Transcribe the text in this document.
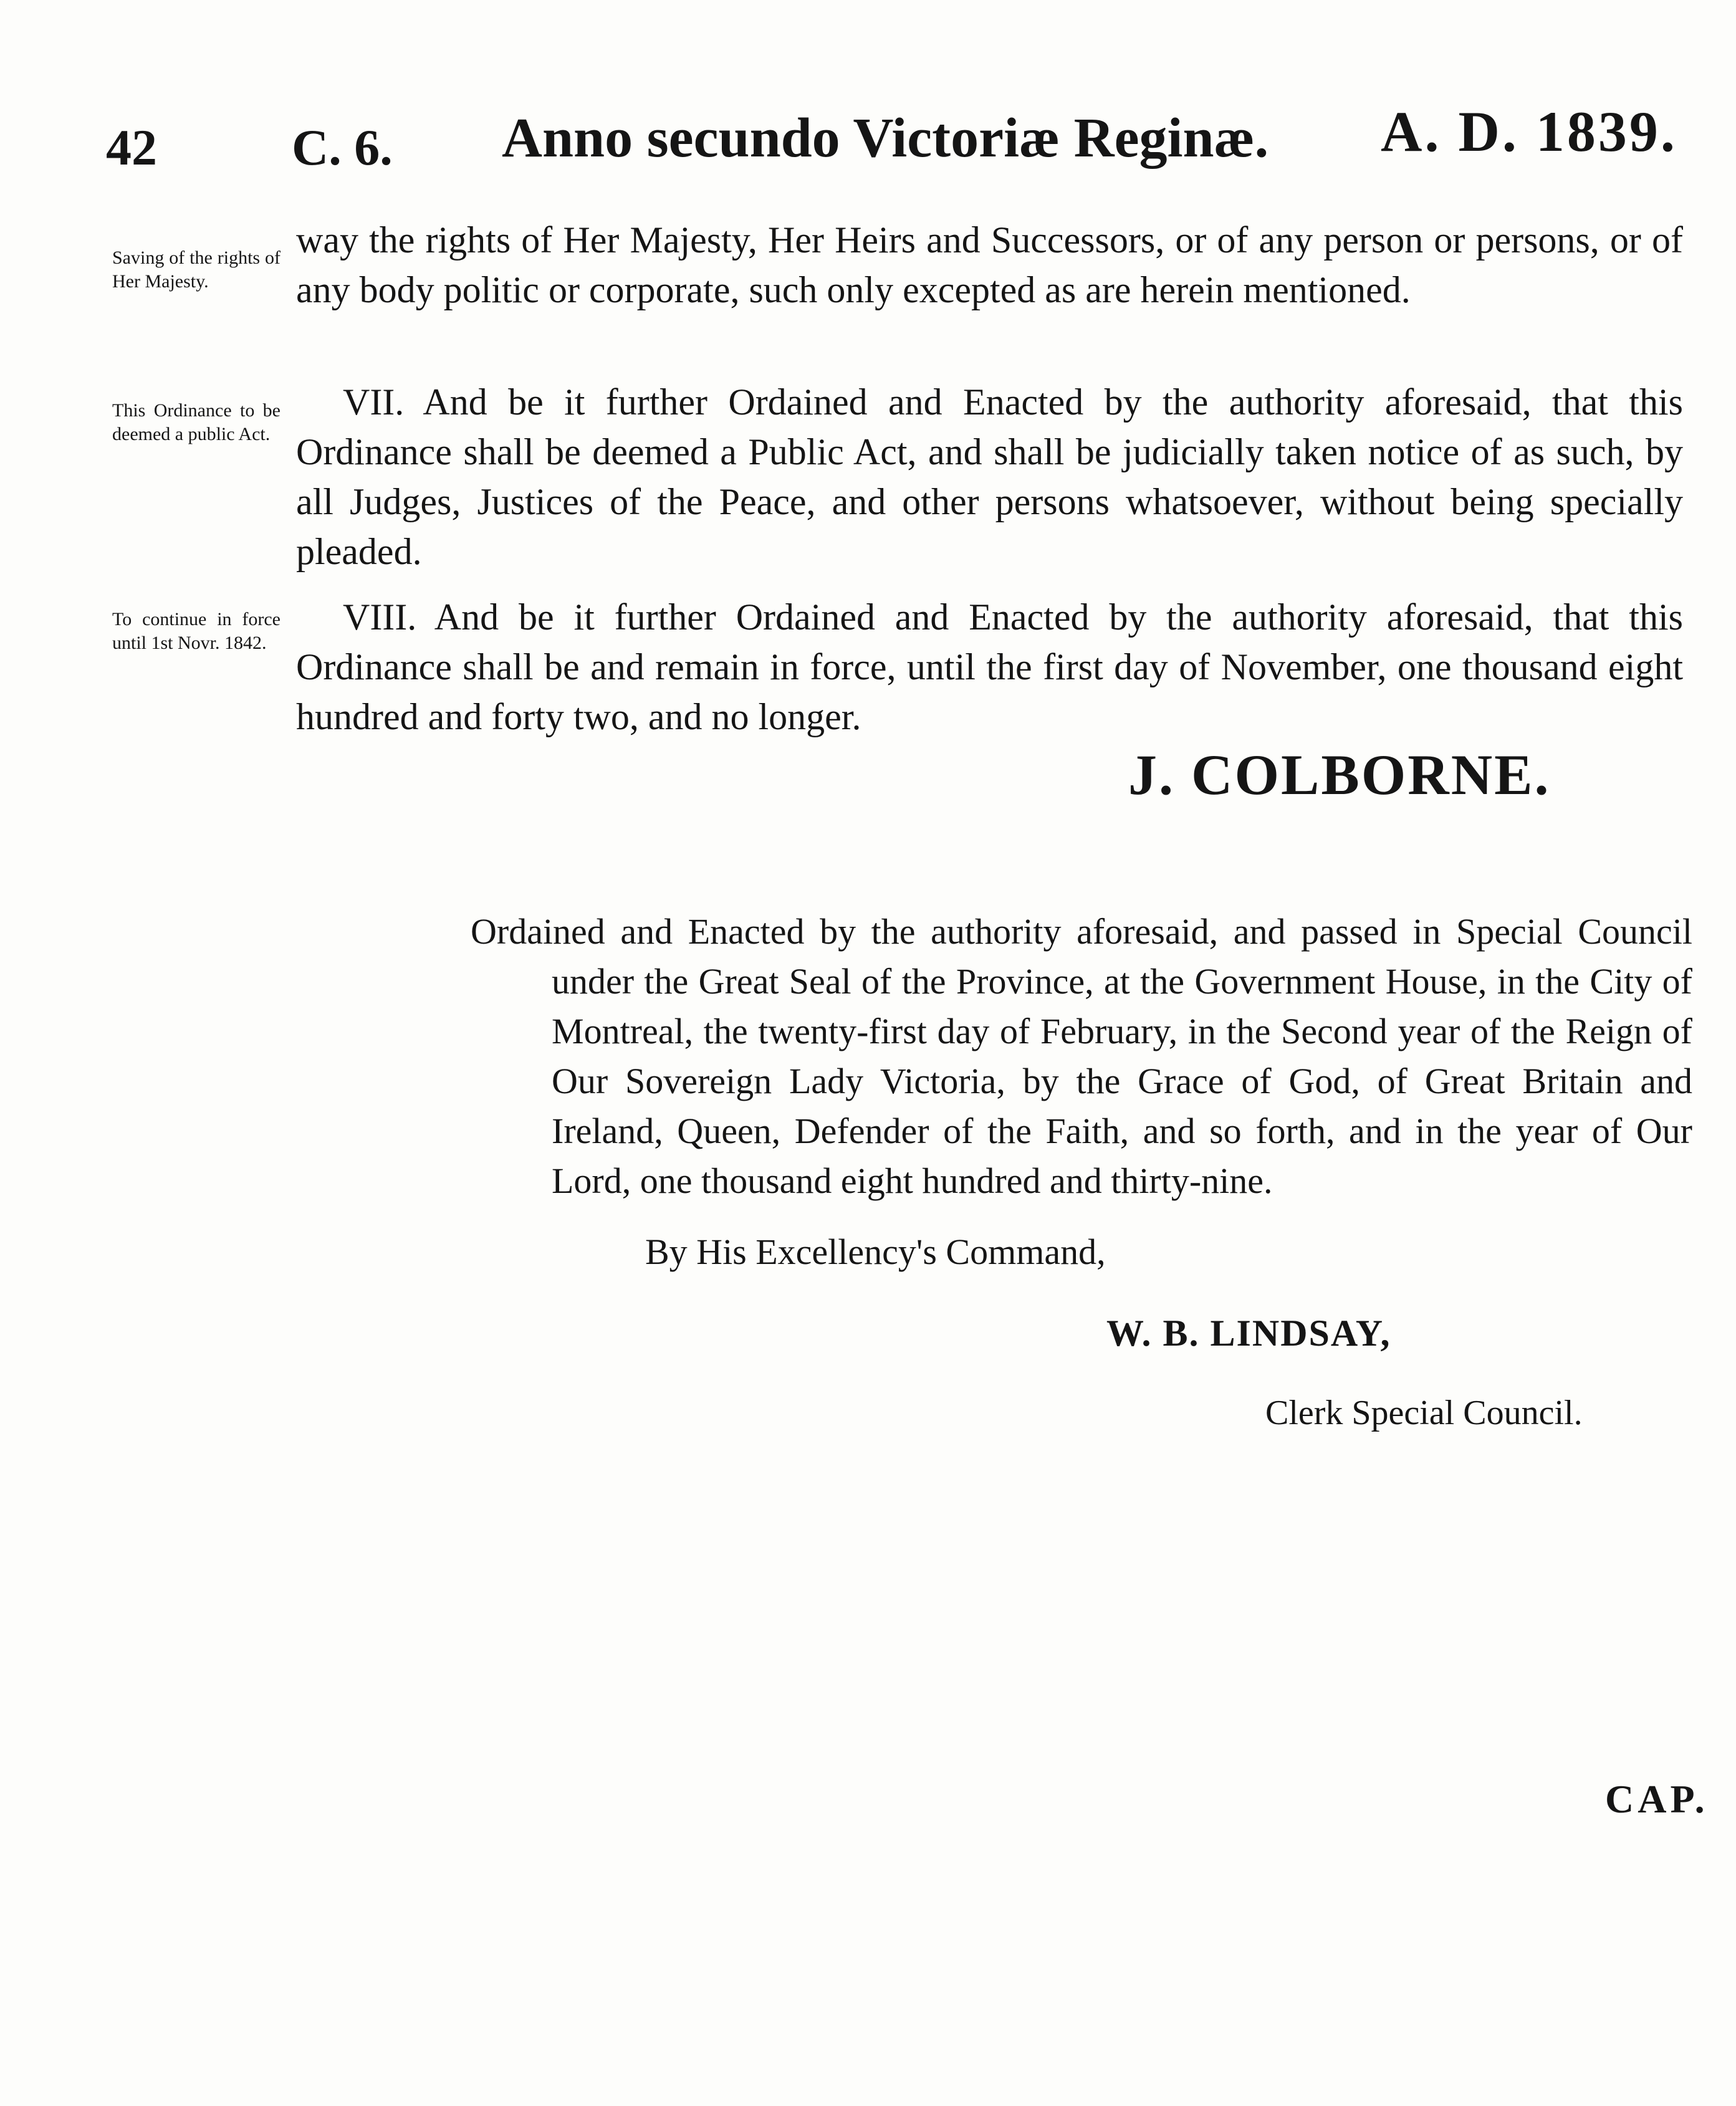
42	C. 6. Anno secundo Victoriæ Reginæ. A. D. 1839.
Saving of the rights of Her Majesty.
way the rights of Her Majesty, Her Heirs and Successors, or of any person or persons, or of any body politic or corporate, such only excepted as are herein mentioned.
This Ordinance to be deemed a public Act.
VII. And be it further Ordained and Enacted by the authority aforesaid, that this Ordinance shall be deemed a Public Act, and shall be judicially taken notice of as such, by all Judges, Justices of the Peace, and other persons whatsoever, without being specially pleaded.
To continue in force until 1st Novr. 1842.
VIII. And be it further Ordained and Enacted by the authority aforesaid, that this Ordinance shall be and remain in force, until the first day of November, one thousand eight hundred and forty two, and no longer.
J. COLBORNE.
Ordained and Enacted by the authority aforesaid, and passed in Special Council under the Great Seal of the Province, at the Government House, in the City of Montreal, the twenty-first day of February, in the Second year of the Reign of Our Sovereign Lady Victoria, by the Grace of God, of Great Britain and Ireland, Queen, Defender of the Faith, and so forth, and in the year of Our Lord, one thousand eight hundred and thirty-nine.
By His Excellency's Command,
W. B. LINDSAY,
Clerk Special Council.
CAP.
